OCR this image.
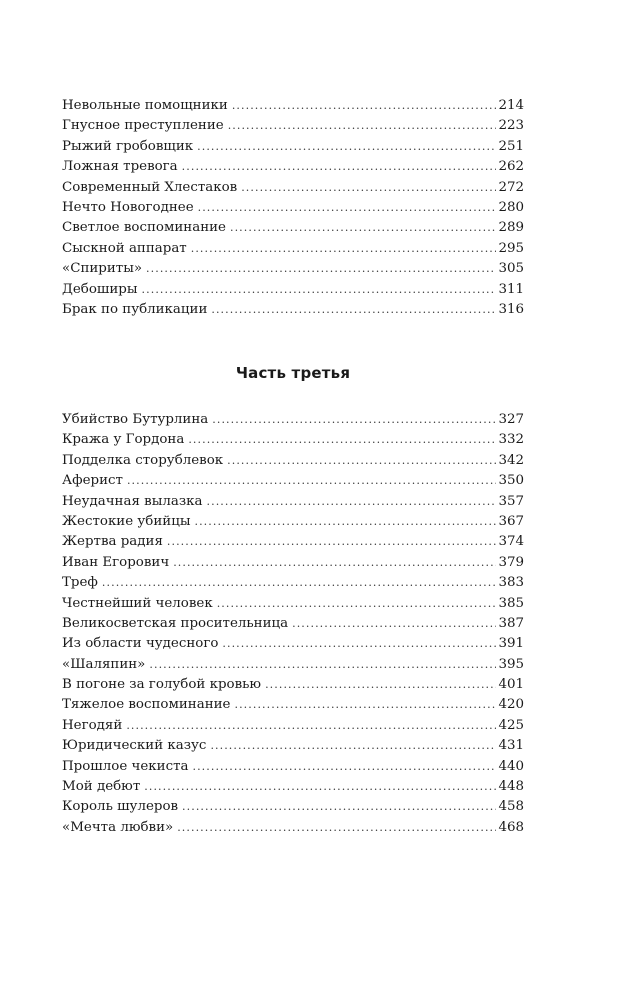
Невольные помощники . . .	214
Гнусное преступление . . .	223
Рыжий гробовщик . . .	251
Ложная тревога . . .	262
Современный Хлестаков . . .	272
Нечто Новогоднее . . .	280
Светлое воспоминание . . .	289
Сыскной аппарат . . .	295
«Спириты» . . .	305
Дебоширы . . .	311
Брак по публикации . . .	316
Часть третья
Убийство Бутурлина . . .	327
Кража у Гордона . . .	332
Подделка сторублевок . . .	342
Аферист . . .	350
Неудачная вылазка . . .	357
Жестокие убийцы . . .	367
Жертва радия . . .	374
Иван Егорович . . .	379
Треф . . .	383
Честнейший человек . . .	385
Великосветская просительница . . .	387
Из области чудесного . . .	391
«Шаляпин» . . .	395
В погоне за голубой кровью . . .	401
Тяжелое воспоминание . . .	420
Негодяй . . .	425
Юридический казус . . .	431
Прошлое чекиста . . .	440
Мой дебют . . .	448
Король шулеров . . .	458
«Мечта любви» . . .	468
